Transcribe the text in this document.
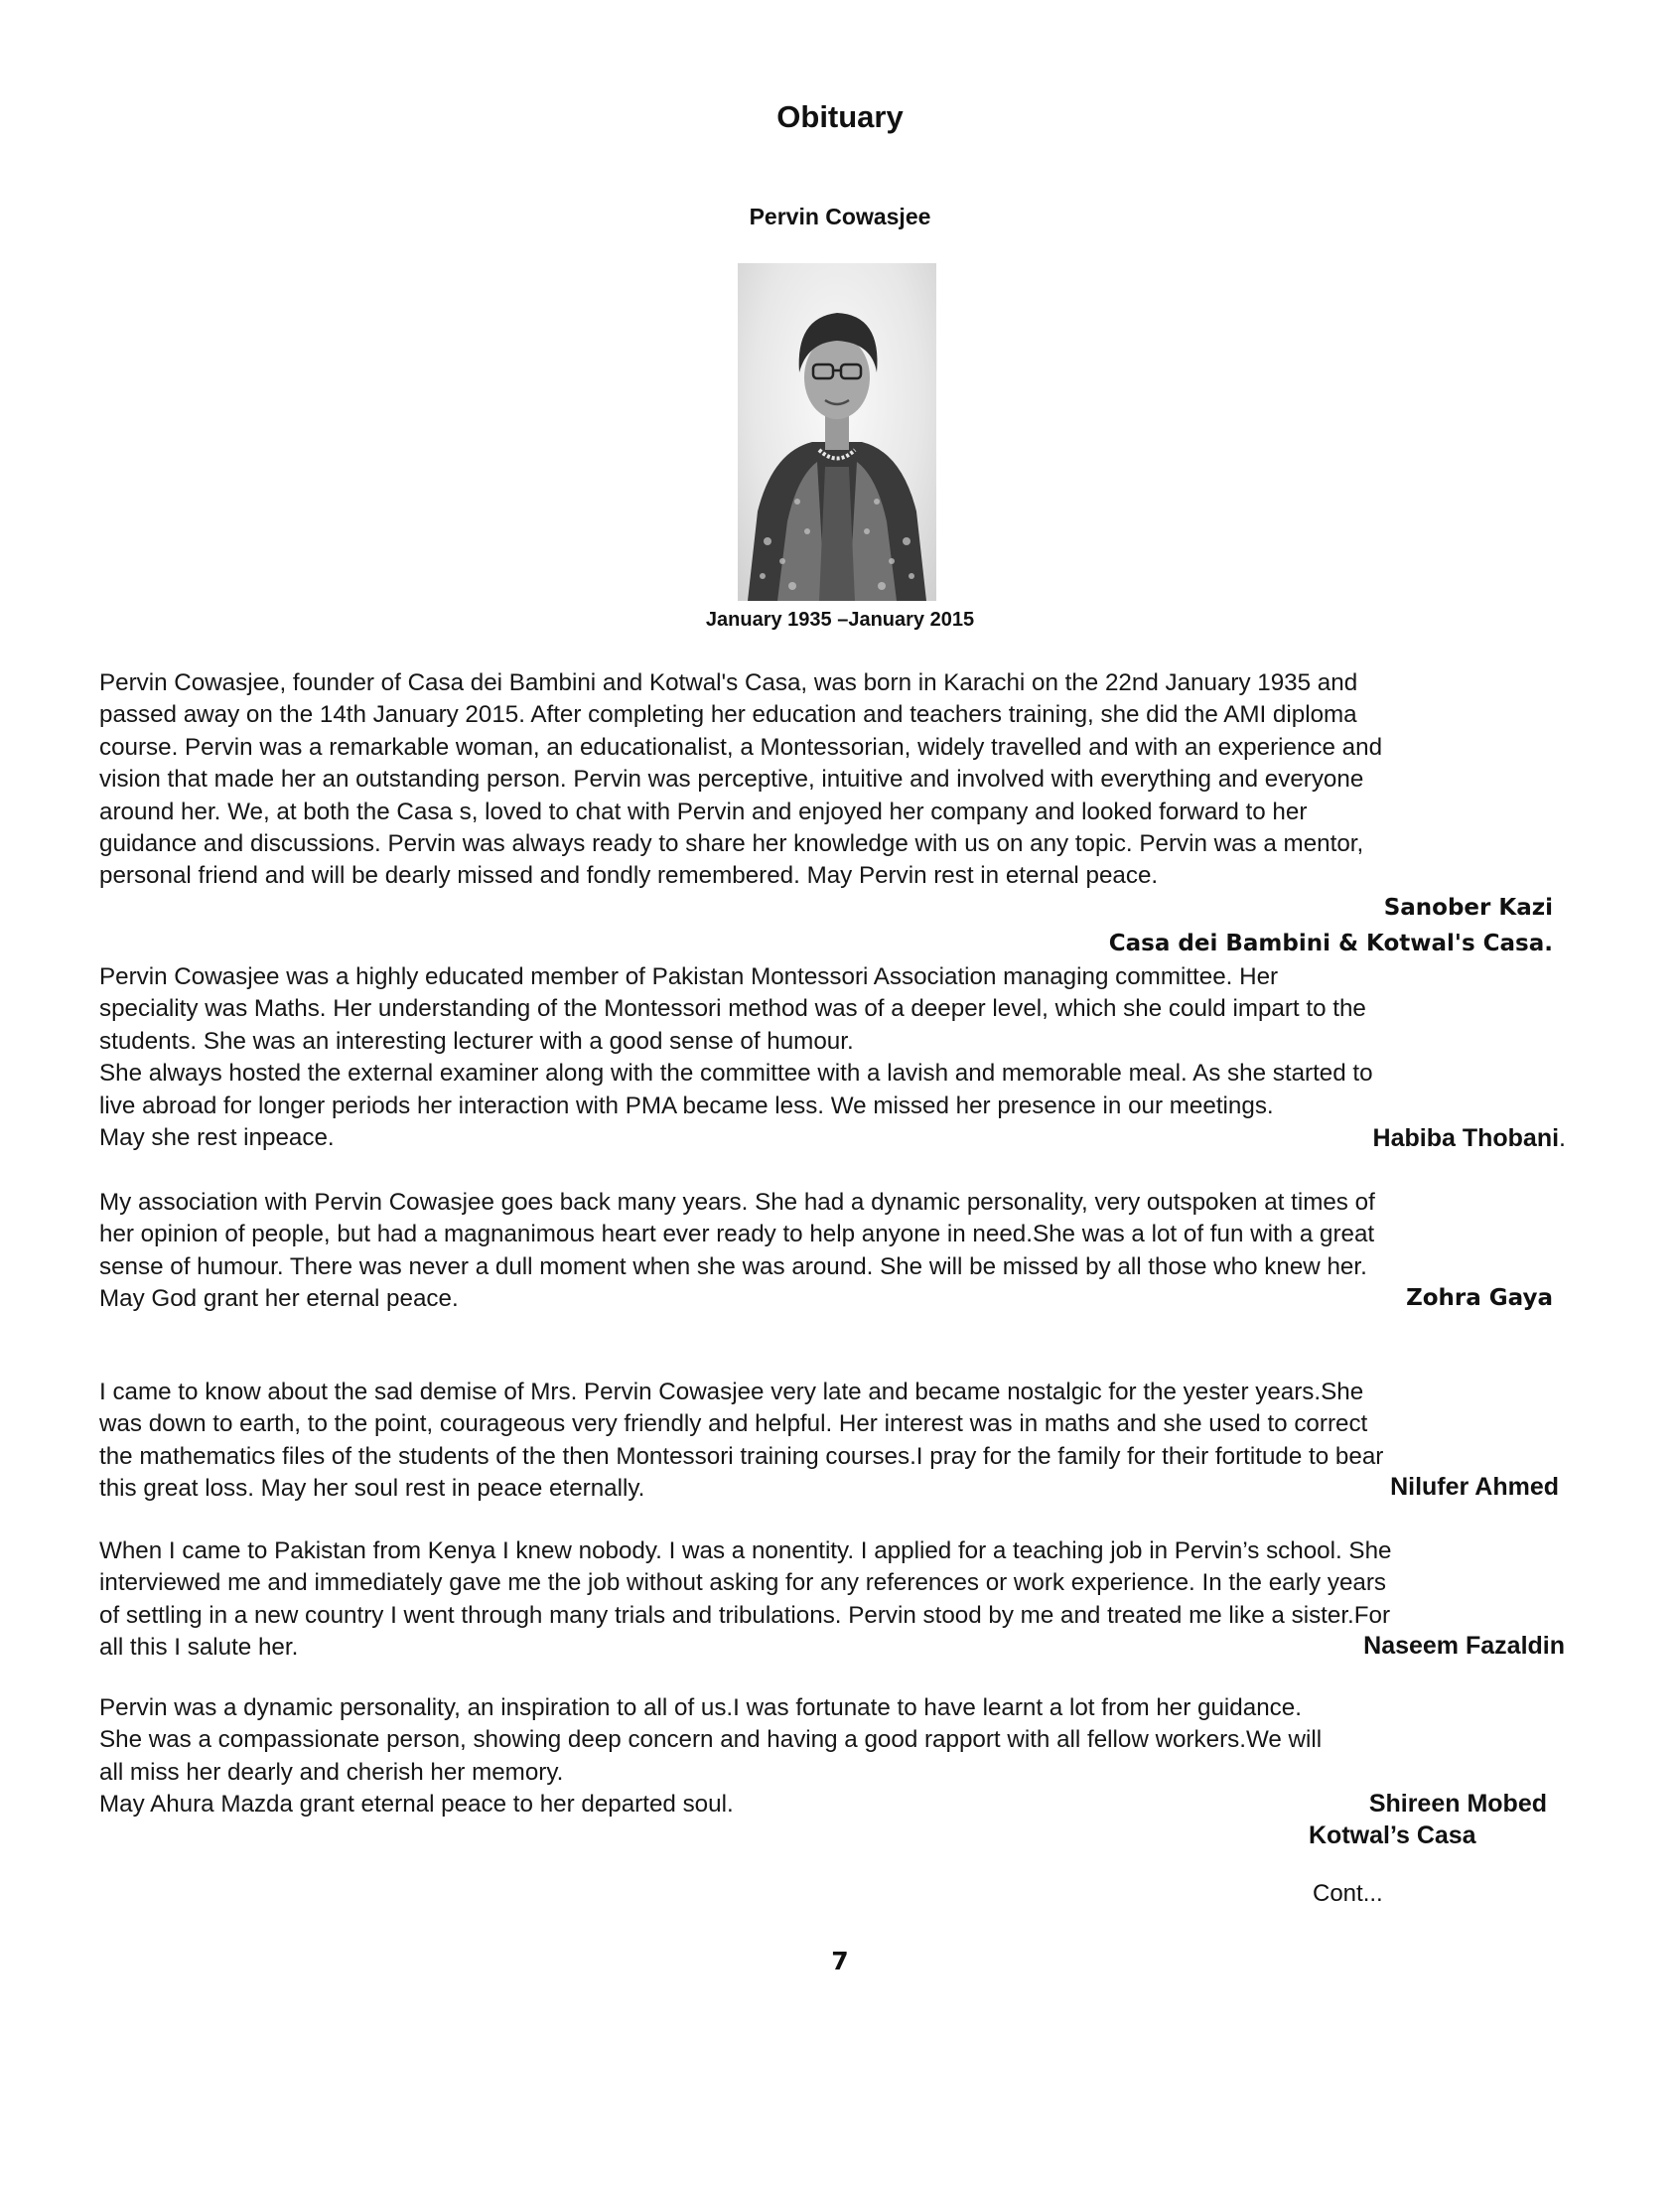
Obituary
Pervin Cowasjee
January 1935 –January 2015

Pervin Cowasjee, founder of Casa dei Bambini and Kotwal's Casa, was born in Karachi on the 22nd January 1935 and

passed away on the 14th January 2015. After completing her education and teachers training, she did the AMI diploma

course. Pervin was a remarkable woman, an educationalist, a Montessorian, widely travelled and with an experience and

vision that made her an outstanding person. Pervin was perceptive, intuitive and involved with everything and everyone

around her. We, at both the Casa s, loved to chat with Pervin and enjoyed her company and looked forward to her

guidance and discussions. Pervin was always ready to share her knowledge with us on any topic. Pervin was a mentor,

personal friend and will be dearly missed and fondly remembered. May Pervin rest in eternal peace.

Sanober Kazi
Casa dei Bambini & Kotwal's Casa.

Pervin Cowasjee was a highly educated member of Pakistan Montessori Association managing committee. Her

speciality was Maths. Her understanding of the Montessori method was of a deeper level, which she could impart to the

students. She was an interesting lecturer with a good sense of humour.

She always hosted the external examiner along with the committee with a lavish and memorable meal. As she started to

live abroad for longer periods her interaction with PMA became less. We missed her presence in our meetings.

May she rest inpeace.	Habiba Thobani.

My association with Pervin Cowasjee goes back many years. She had a dynamic personality, very outspoken at times of

her opinion of people, but had a magnanimous heart ever ready to help anyone in need.She was a lot of fun with a great

sense of humour. There was never a dull moment when she was around. She will be missed by all those who knew her.

May God grant her eternal peace.	Zohra Gaya

I came to know about the sad demise of Mrs. Pervin Cowasjee very late and became nostalgic for the yester years.She

was down to earth, to the point, courageous very friendly and helpful. Her interest was in maths and she used to correct

the mathematics files of the students of the then Montessori training courses.I pray for the family for their fortitude to bear

this great loss. May her soul rest in peace eternally.	Nilufer Ahmed

When I came to Pakistan from Kenya I knew nobody. I was a nonentity. I applied for a teaching job in Pervin’s school. She

interviewed me and immediately gave me the job without asking for any references or work experience. In the early years

of settling in a new country I went through many trials and tribulations. Pervin stood by me and treated me like a sister.For

all this I salute her.	Naseem Fazaldin

Pervin was a dynamic personality, an inspiration to all of us.I was fortunate to have learnt a lot from her guidance.

She was a compassionate person, showing deep concern and having a good rapport with all fellow workers.We will

all miss her dearly and cherish her memory.

May Ahura Mazda grant eternal peace to her departed soul.	Shireen Mobed
Kotwal’s Casa
Cont...
7
